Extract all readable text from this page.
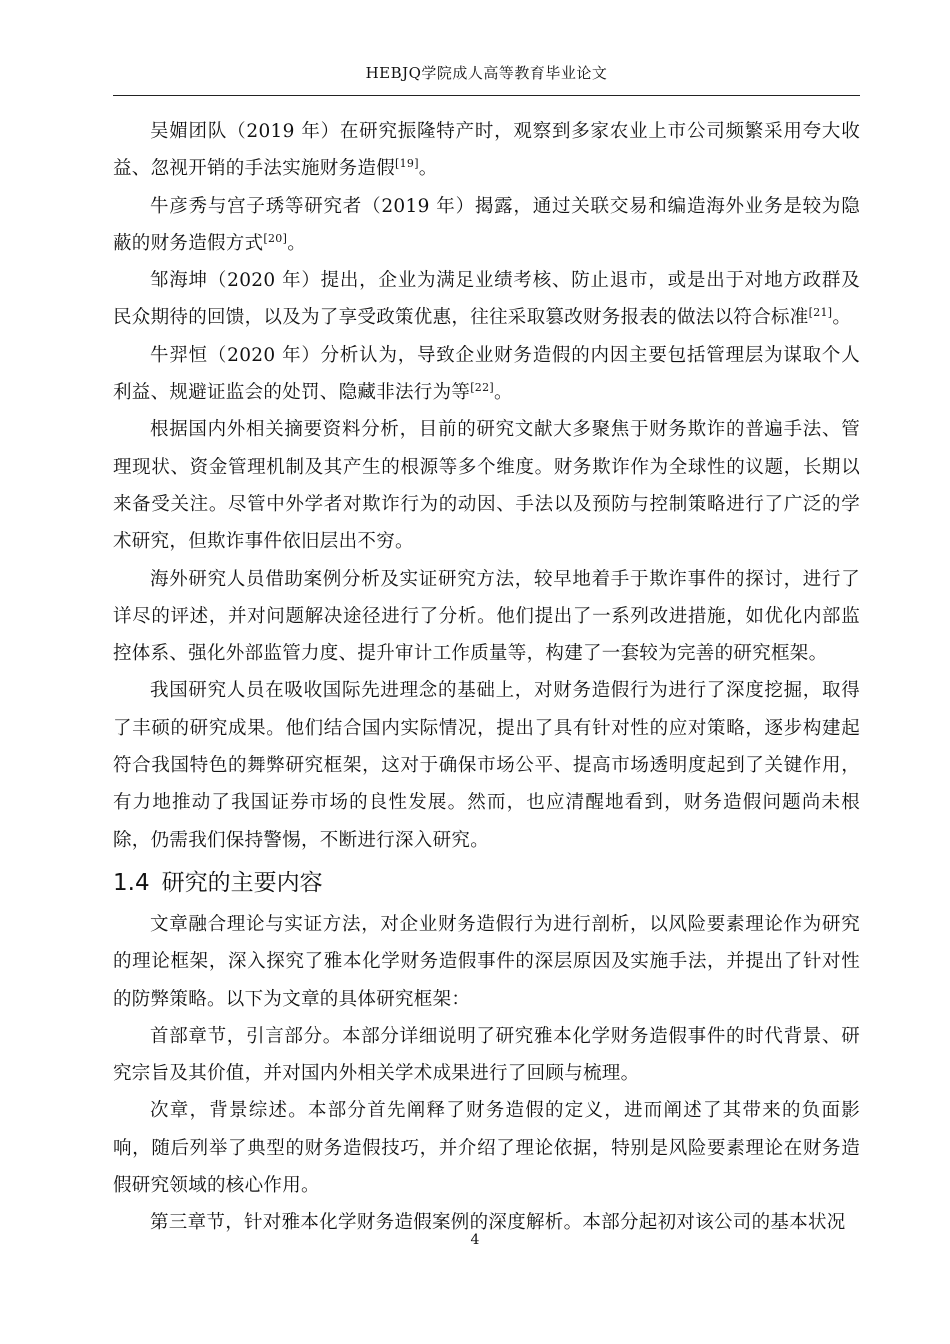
HEBJQ学院成人高等教育毕业论文

吴媚团队（2019 年）在研究振隆特产时，观察到多家农业上市公司频繁采用夸大收益、忽视开销的手法实施财务造假[19]。

牛彦秀与宫子琇等研究者（2019 年）揭露，通过关联交易和编造海外业务是较为隐蔽的财务造假方式[20]。

邹海坤（2020 年）提出，企业为满足业绩考核、防止退市，或是出于对地方政群及民众期待的回馈，以及为了享受政策优惠，往往采取篡改财务报表的做法以符合标准[21]。

牛羿恒（2020 年）分析认为，导致企业财务造假的内因主要包括管理层为谋取个人利益、规避证监会的处罚、隐藏非法行为等[22]。

根据国内外相关摘要资料分析，目前的研究文献大多聚焦于财务欺诈的普遍手法、管理现状、资金管理机制及其产生的根源等多个维度。财务欺诈作为全球性的议题，长期以来备受关注。尽管中外学者对欺诈行为的动因、手法以及预防与控制策略进行了广泛的学术研究，但欺诈事件依旧层出不穷。

海外研究人员借助案例分析及实证研究方法，较早地着手于欺诈事件的探讨，进行了详尽的评述，并对问题解决途径进行了分析。他们提出了一系列改进措施，如优化内部监控体系、强化外部监管力度、提升审计工作质量等，构建了一套较为完善的研究框架。

我国研究人员在吸收国际先进理念的基础上，对财务造假行为进行了深度挖掘，取得了丰硕的研究成果。他们结合国内实际情况，提出了具有针对性的应对策略，逐步构建起符合我国特色的舞弊研究框架，这对于确保市场公平、提高市场透明度起到了关键作用，有力地推动了我国证券市场的良性发展。然而，也应清醒地看到，财务造假问题尚未根除，仍需我们保持警惕，不断进行深入研究。

1.4 研究的主要内容

文章融合理论与实证方法，对企业财务造假行为进行剖析，以风险要素理论作为研究的理论框架，深入探究了雅本化学财务造假事件的深层原因及实施手法，并提出了针对性的防弊策略。以下为文章的具体研究框架：

首部章节，引言部分。本部分详细说明了研究雅本化学财务造假事件的时代背景、研究宗旨及其价值，并对国内外相关学术成果进行了回顾与梳理。

次章，背景综述。本部分首先阐释了财务造假的定义，进而阐述了其带来的负面影响，随后列举了典型的财务造假技巧，并介绍了理论依据，特别是风险要素理论在财务造假研究领域的核心作用。

第三章节，针对雅本化学财务造假案例的深度解析。本部分起初对该公司的基本状况

4
